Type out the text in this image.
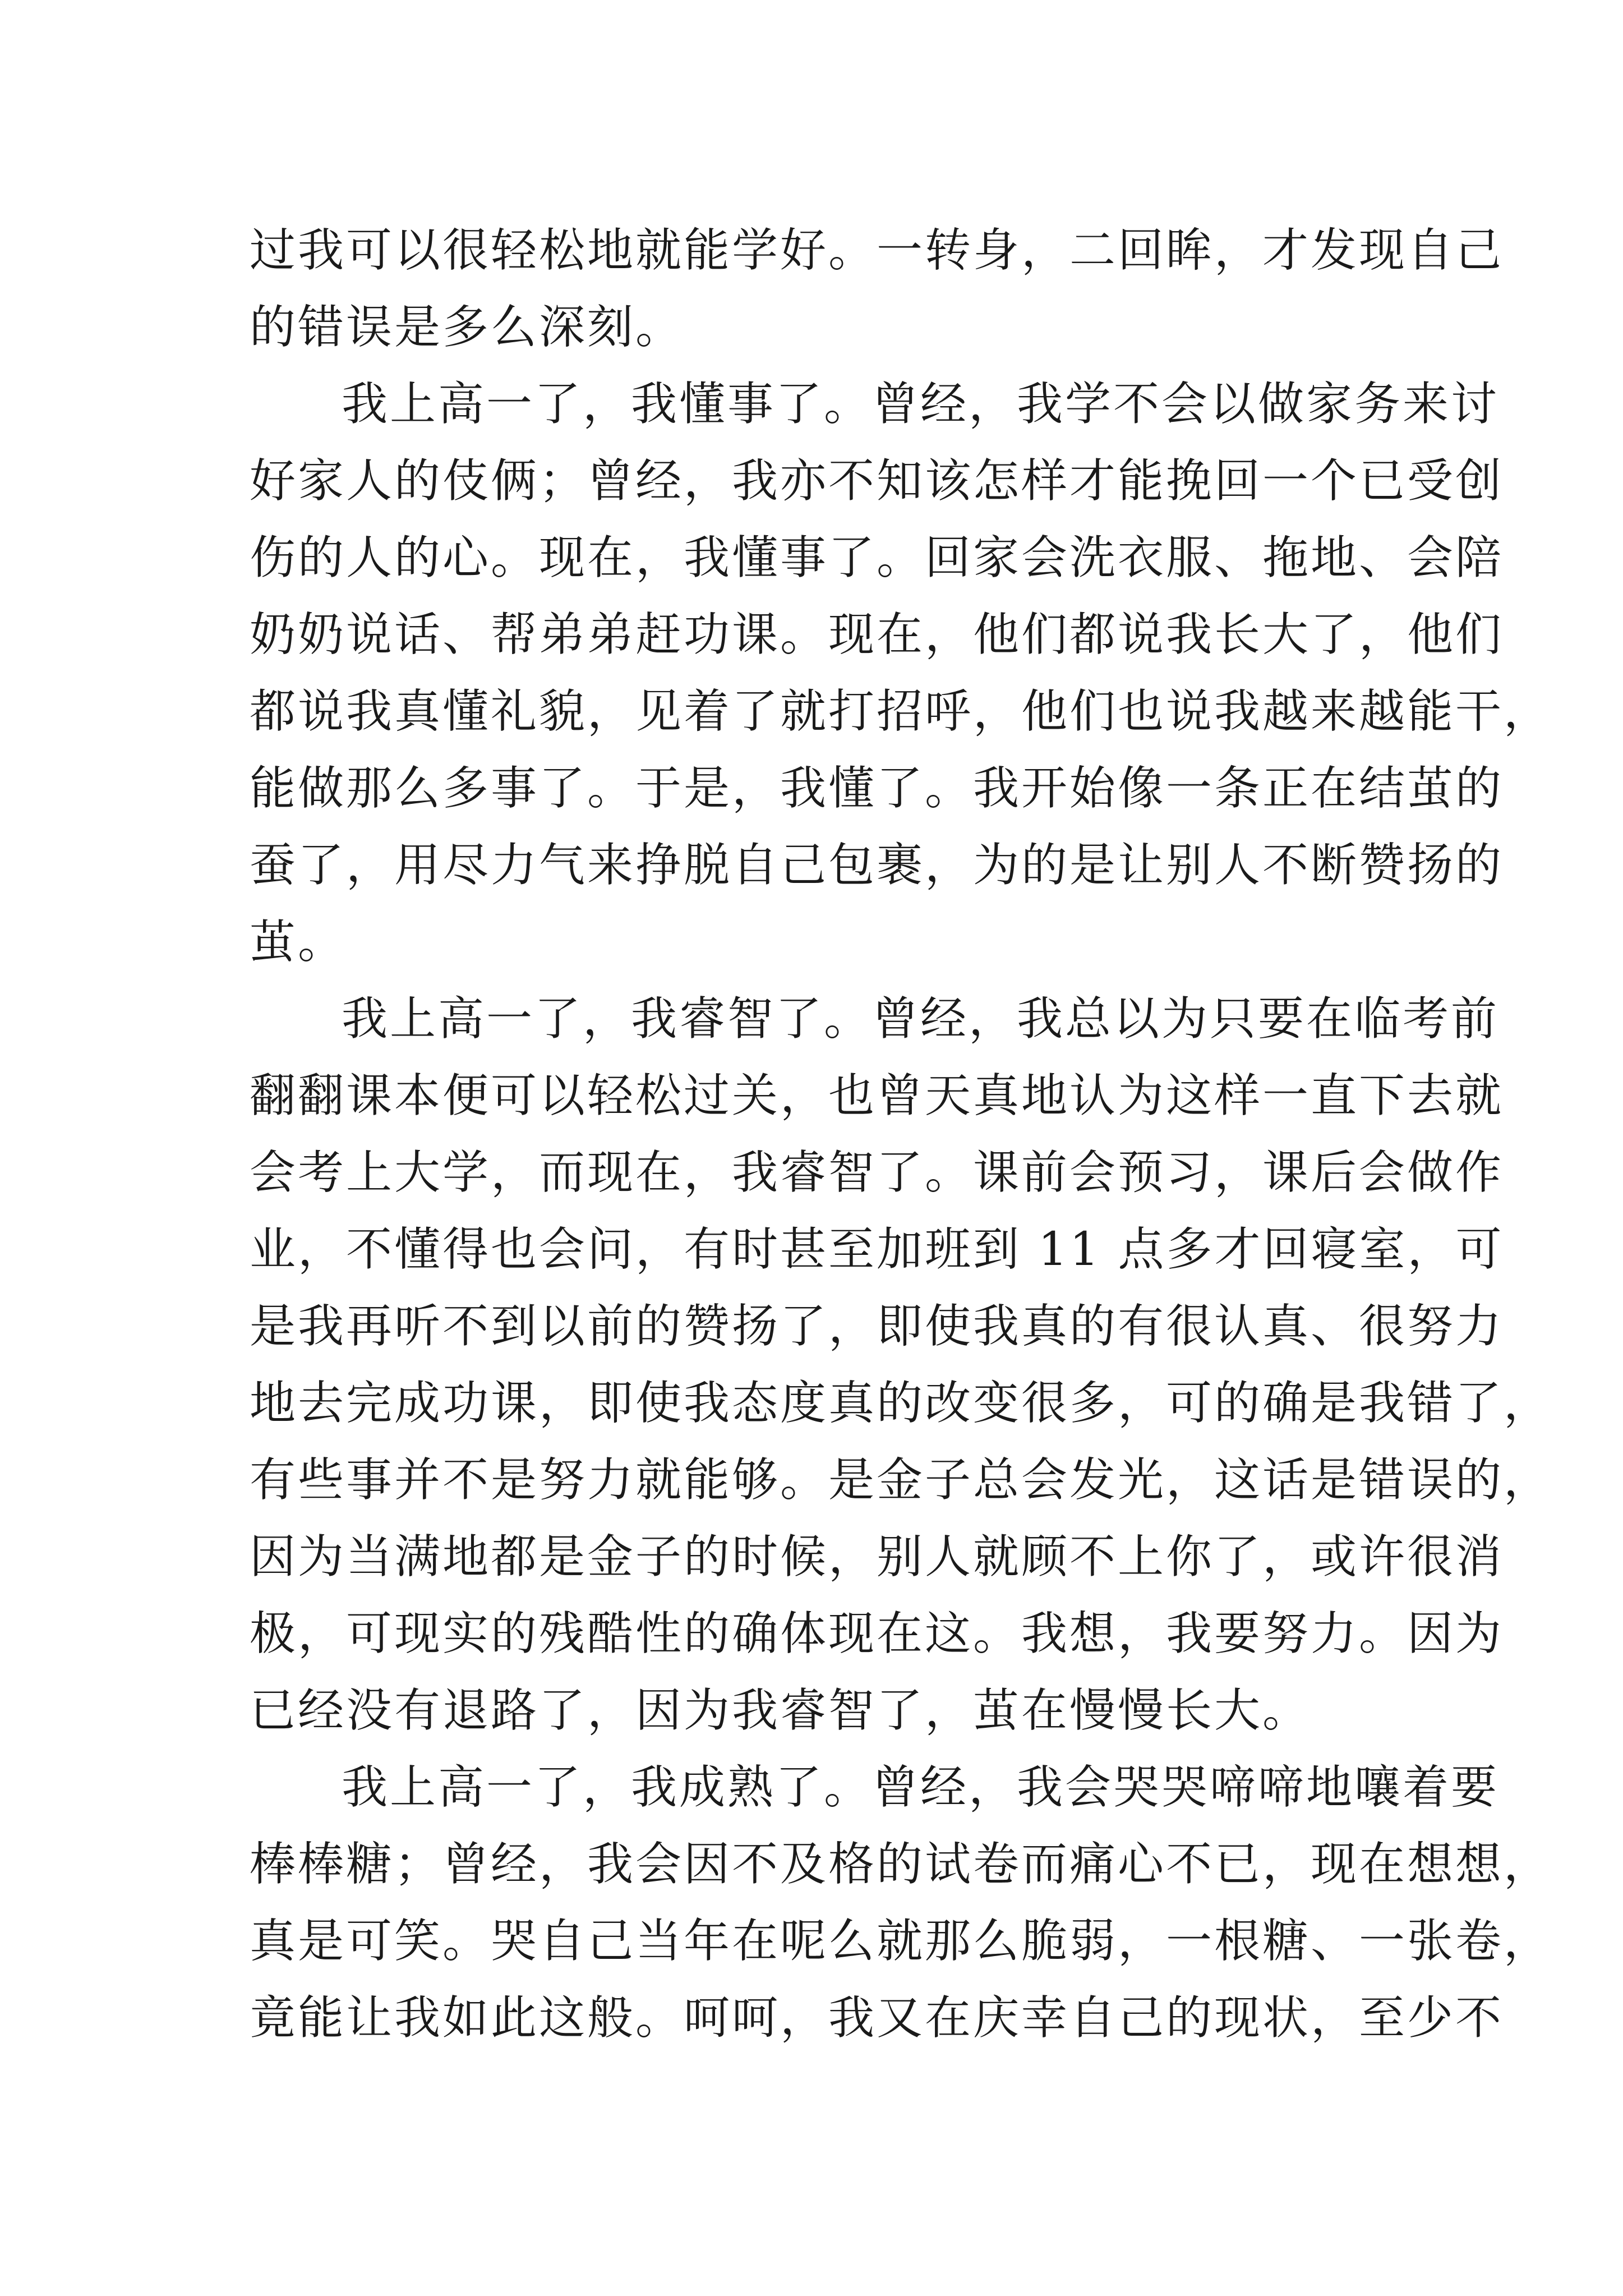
过我可以很轻松地就能学好。一转身，二回眸，才发现自己
的错误是多么深刻。
我上高一了，我懂事了。曾经，我学不会以做家务来讨
好家人的伎俩；曾经，我亦不知该怎样才能挽回一个已受创
伤的人的心。现在，我懂事了。回家会洗衣服、拖地、会陪
奶奶说话、帮弟弟赶功课。现在，他们都说我长大了，他们
都说我真懂礼貌，见着了就打招呼，他们也说我越来越能干，
能做那么多事了。于是，我懂了。我开始像一条正在结茧的
蚕了，用尽力气来挣脱自己包裹，为的是让别人不断赞扬的
茧。
我上高一了，我睿智了。曾经，我总以为只要在临考前
翻翻课本便可以轻松过关，也曾天真地认为这样一直下去就
会考上大学，而现在，我睿智了。课前会预习，课后会做作
业，不懂得也会问，有时甚至加班到 11 点多才回寝室，可
是我再听不到以前的赞扬了，即使我真的有很认真、很努力
地去完成功课，即使我态度真的改变很多，可的确是我错了，
有些事并不是努力就能够。是金子总会发光，这话是错误的，
因为当满地都是金子的时候，别人就顾不上你了，或许很消
极，可现实的残酷性的确体现在这。我想，我要努力。因为
已经没有退路了，因为我睿智了，茧在慢慢长大。
我上高一了，我成熟了。曾经，我会哭哭啼啼地嚷着要
棒棒糖；曾经，我会因不及格的试卷而痛心不已，现在想想，
真是可笑。哭自己当年在呢么就那么脆弱，一根糖、一张卷，
竟能让我如此这般。呵呵，我又在庆幸自己的现状，至少不
